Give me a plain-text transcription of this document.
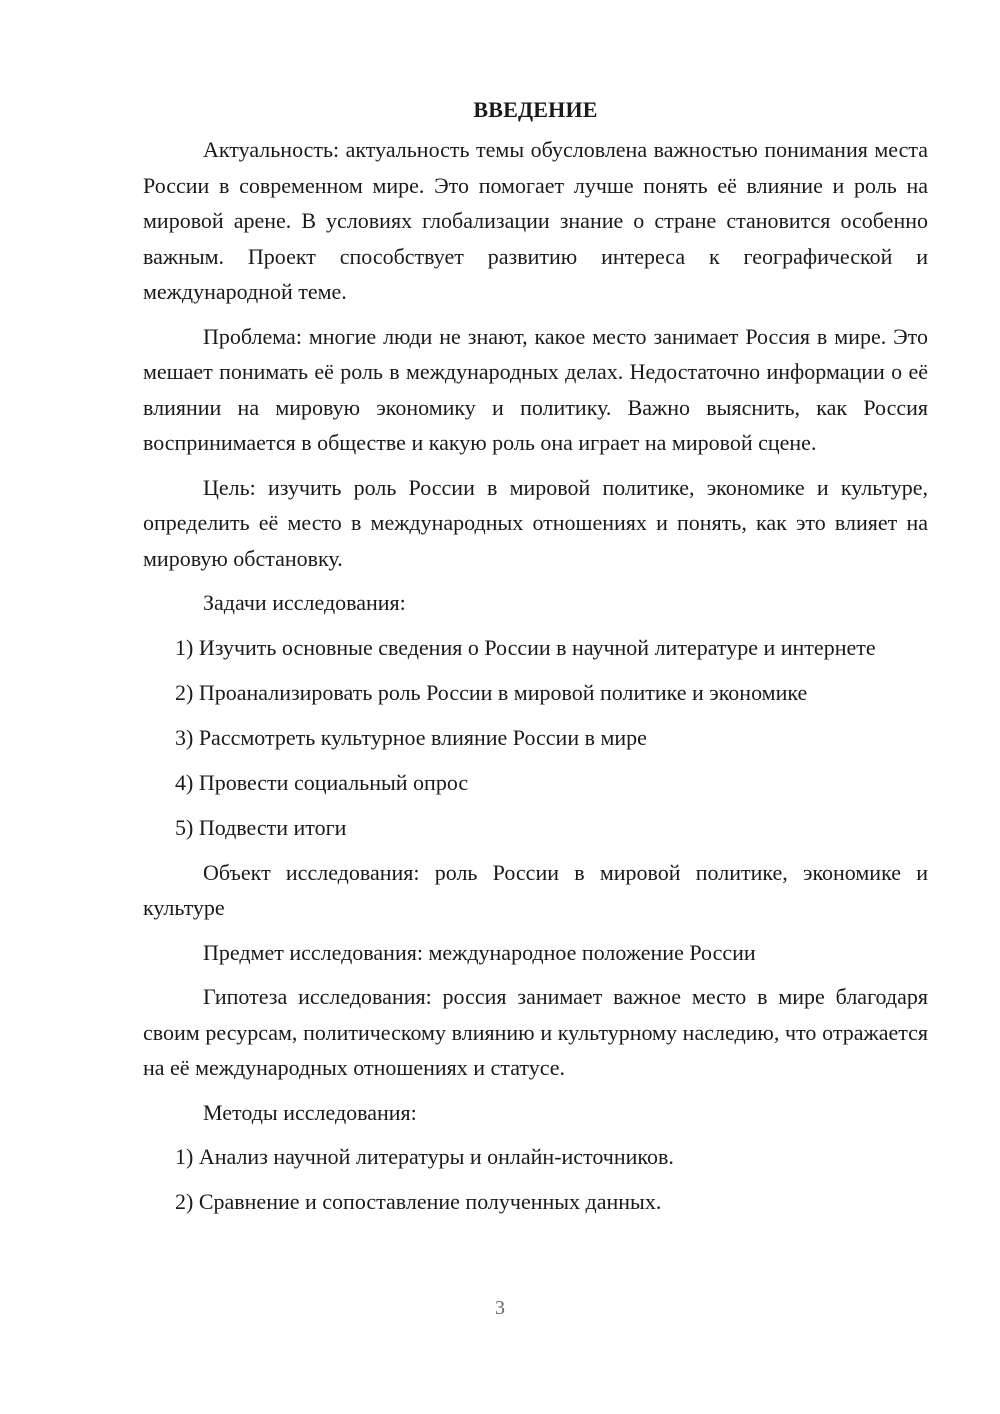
ВВЕДЕНИЕ

Актуальность: актуальность темы обусловлена важностью понимания места России в современном мире. Это помогает лучше понять её влияние и роль на мировой арене. В условиях глобализации знание о стране становится особенно важным. Проект способствует развитию интереса к географической и международной теме.

Проблема: многие люди не знают, какое место занимает Россия в мире. Это мешает понимать её роль в международных делах. Недостаточно информации о её влиянии на мировую экономику и политику. Важно выяснить, как Россия воспринимается в обществе и какую роль она играет на мировой сцене.

Цель: изучить роль России в мировой политике, экономике и культуре, определить её место в международных отношениях и понять, как это влияет на мировую обстановку.

Задачи исследования:

1) Изучить основные сведения о России в научной литературе и интернете

2) Проанализировать роль России в мировой политике и экономике

3) Рассмотреть культурное влияние России в мире

4) Провести социальный опрос

5) Подвести итоги

Объект исследования: роль России в мировой политике, экономике и культуре

Предмет исследования: международное положение России

Гипотеза исследования: россия занимает важное место в мире благодаря своим ресурсам, политическому влиянию и культурному наследию, что отражается на её международных отношениях и статусе.

Методы исследования:

1) Анализ научной литературы и онлайн-источников.

2) Сравнение и сопоставление полученных данных.

3
